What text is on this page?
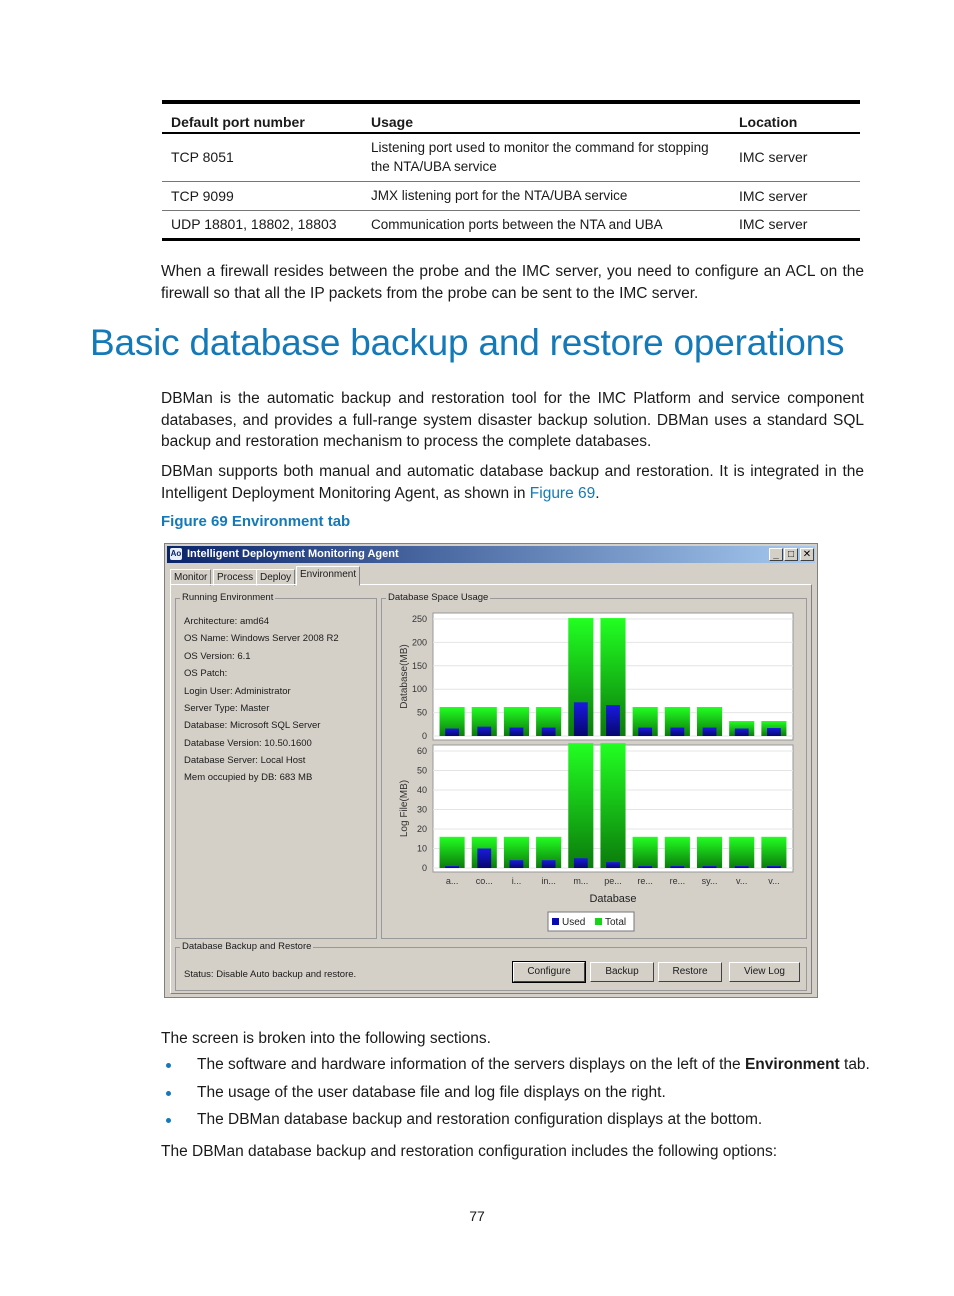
Default port number	Usage	Location
TCP 8051	Listening port used to monitor the command for stopping the NTA/UBA service	IMC server
TCP 9099	JMX listening port for the NTA/UBA service	IMC server
UDP 18801, 18802, 18803	Communication ports between the NTA and UBA	IMC server

When a firewall resides between the probe and the IMC server, you need to configure an ACL on the firewall so that all the IP packets from the probe can be sent to the IMC server.

Basic database backup and restore operations

DBMan is the automatic backup and restoration tool for the IMC Platform and service component databases, and provides a full-range system disaster backup solution. DBMan uses a standard SQL backup and restoration mechanism to process the complete databases.

DBMan supports both manual and automatic database backup and restoration. It is integrated in the Intelligent Deployment Monitoring Agent, as shown in Figure 69.

Figure 69 Environment tab
Ao Intelligent Deployment Monitoring Agent	_ □ ✕
Monitor Process Deploy Environment
Running Environment
Architecture: amd64
OS Name: Windows Server 2008 R2
OS Version: 6.1
OS Patch:
Login User: Administrator
Server Type: Master
Database: Microsoft SQL Server
Database Version: 10.50.1600
Database Server: Local Host
Mem occupied by DB: 683 MB
Database Space Usage
0
50
100
150
200
250
Database(MB)
0
10
20
30
40
50
60
Log File(MB)
a... co... i... in... m... pe... re... re... sy... v... v...
Database
Used Total
Database Backup and Restore
Status: Disable Auto backup and restore.	Configure	Backup	Restore	View Log

The screen is broken into the following sections.

The software and hardware information of the servers displays on the left of the Environment tab.
The usage of the user database file and log file displays on the right.
The DBMan database backup and restoration configuration displays at the bottom.

The DBMan database backup and restoration configuration includes the following options:

77
